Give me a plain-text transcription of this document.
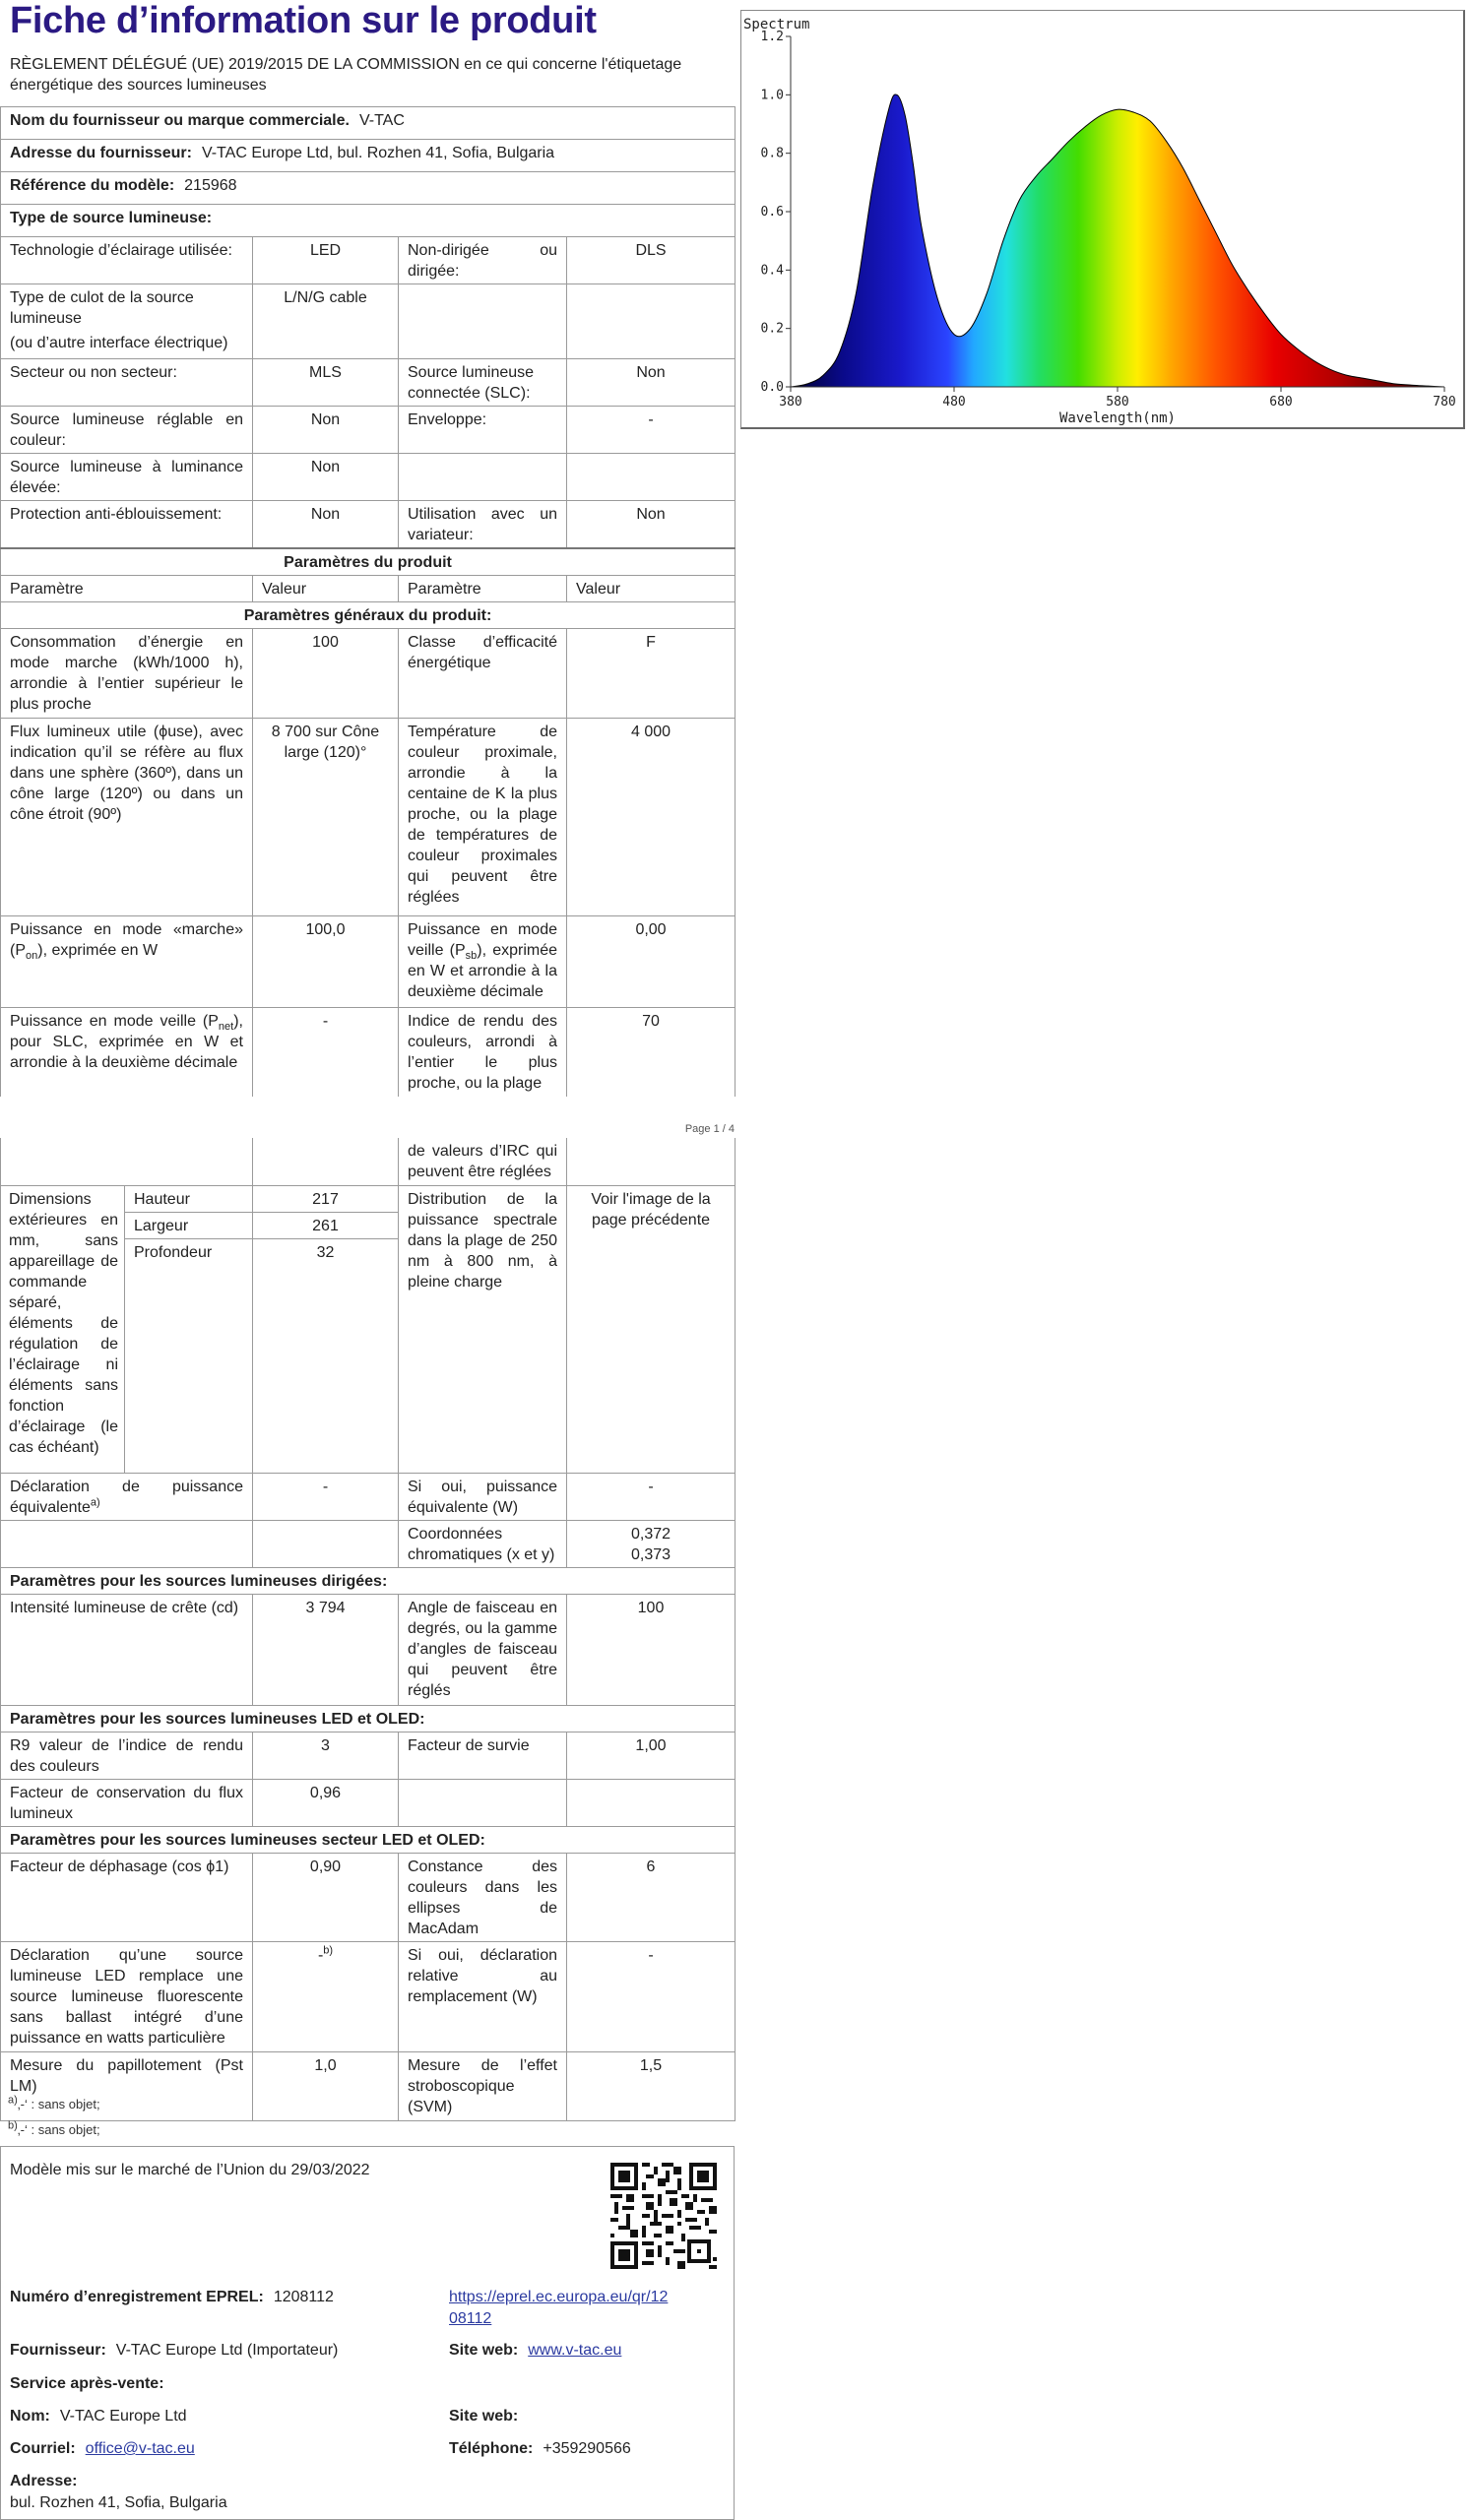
Fiche d’information sur le produit
RÈGLEMENT DÉLÉGUÉ (UE) 2019/2015 DE LA COMMISSION en ce qui concerne l'étiquetage énergétique des sources lumineuses
Nom du fournisseur ou marque commerciale. V-TAC			
Adresse du fournisseur: V-TAC Europe Ltd, bul. Rozhen 41, Sofia, Bulgaria			
Référence du modèle: 215968			
Type de source lumineuse:			
Technologie d’éclairage utilisée:	LED	Non-dirigée ou dirigée:	DLS

Type de culot de la source lumineuse
(ou d’autre interface électrique)	L/N/G cable		
Secteur ou non secteur:	MLS	Source lumineuse connectée (SLC):	Non
Source lumineuse réglable en couleur:	Non	Enveloppe:	-
Source lumineuse à luminance élevée:	Non		
Protection anti-éblouissement:	Non	Utilisation avec un variateur:	Non
Paramètres du produit			
Paramètre	Valeur	Paramètre	Valeur
Paramètres généraux du produit:			
Consommation d’énergie en mode marche (kWh/1000 h), arrondie à l’entier supérieur le plus proche	100	Classe d’efficacité énergétique	F
Flux lumineux utile (ϕuse), avec indication qu’il se réfère au flux dans une sphère (360º), dans un cône large (120º) ou dans un cône étroit (90º)	8 700 sur Cône large (120)°	Température de couleur proximale, arrondie à la centaine de K la plus proche, ou la plage de températures de couleur proximales qui peuvent être réglées	4 000
Puissance en mode «marche» $(P_{on})$, exprimée en W	100,0	Puissance en mode veille $(P_{sb})$, exprimée en W et arrondie à la deuxième décimale	0,00
Puissance en mode veille $(P_{net})$, pour SLC, exprimée en W et arrondie à la deuxième décimale	-	Indice de rendu des couleurs, arrondi à l’entier le plus proche, ou la plage	70
Page 1 / 4
			de valeurs d’IRC qui peuvent être réglées	
Dimensions extérieures en mm, sans appareillage de commande séparé, éléments de régulation de l’éclairage ni éléments sans fonction d’éclairage (le cas échéant)	Hauteur	217	Distribution de la puissance spectrale dans la plage de 250 nm à 800 nm, à pleine charge	Voir l'image de la page précédente
	Largeur	261		
	Profondeur	32		
Déclaration de puissance équivalente$^{a)}$		-	Si oui, puissance équivalente (W)	-
			Coordonnées chromatiques (x et y)	0,372
0,373

Paramètres pour les sources lumineuses dirigées:				
Intensité lumineuse de crête (cd)		3 794	Angle de faisceau en degrés, ou la gamme d’angles de faisceau qui peuvent être réglés	100
Paramètres pour les sources lumineuses LED et OLED:				
R9 valeur de l’indice de rendu des couleurs		3	Facteur de survie	1,00
Facteur de conservation du flux lumineux		0,96		
Paramètres pour les sources lumineuses secteur LED et OLED:				
Facteur de déphasage (cos ϕ1)		0,90	Constance des couleurs dans les ellipses de MacAdam	6
Déclaration qu’une source lumineuse LED remplace une source lumineuse fluorescente sans ballast intégré d’une puissance en watts particulière		-$^{b)}$	Si oui, déclaration relative au remplacement (W)	-
Mesure du papillotement (Pst LM)		1,0	Mesure de l’effet stroboscopique (SVM)	1,5
$^{a)}$‚-‘ : sans objet;
$^{b)}$‚-‘ : sans objet;
Modèle mis sur le marché de l’Union du 29/03/2022
Numéro d’enregistrement EPREL: 1208112	https://eprel.ec.europa.eu/qr/12
08112
Fournisseur: V-TAC Europe Ltd (Importateur)	Site web: www.v-tac.eu
Service après-vente:
Nom: V-TAC Europe Ltd	Site web:
Courriel: office@v-tac.eu	Téléphone: +359290566
Adresse:
bul. Rozhen 41, Sofia, Bulgaria
Spectrum
0.0
0.2
0.4
0.6
0.8
1.0
1.2
380	480	580	680	780
Wavelength(nm)
